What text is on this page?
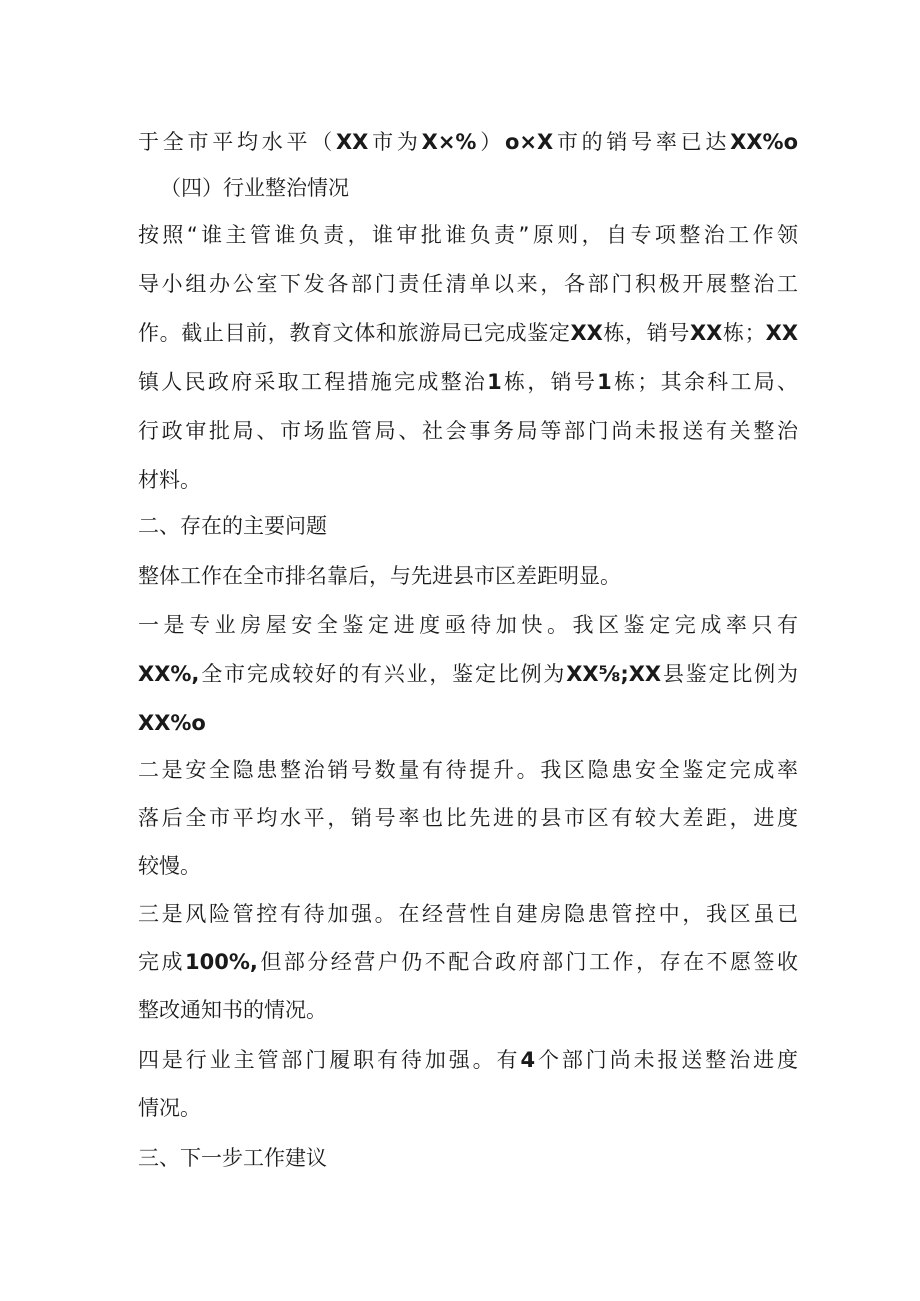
于全市平均水平（XX市为X×%）o×X市的销号率已达XX%o
（四）行业整治情况
按照“谁主管谁负责，谁审批谁负责”原则，自专项整治工作领
导小组办公室下发各部门责任清单以来，各部门积极开展整治工
作。截止目前，教育文体和旅游局已完成鉴定XX栋，销号XX栋；XX
镇人民政府采取工程措施完成整治1栋，销号1栋；其余科工局、
行政审批局、市场监管局、社会事务局等部门尚未报送有关整治
材料。
二、存在的主要问题
整体工作在全市排名靠后，与先进县市区差距明显。
一是专业房屋安全鉴定进度亟待加快。我区鉴定完成率只有
XX%,全市完成较好的有兴业，鉴定比例为XX⅝;XX县鉴定比例为
XX%o
二是安全隐患整治销号数量有待提升。我区隐患安全鉴定完成率
落后全市平均水平，销号率也比先进的县市区有较大差距，进度
较慢。
三是风险管控有待加强。在经营性自建房隐患管控中，我区虽已
完成100%,但部分经营户仍不配合政府部门工作，存在不愿签收
整改通知书的情况。
四是行业主管部门履职有待加强。有4个部门尚未报送整治进度
情况。
三、下一步工作建议
